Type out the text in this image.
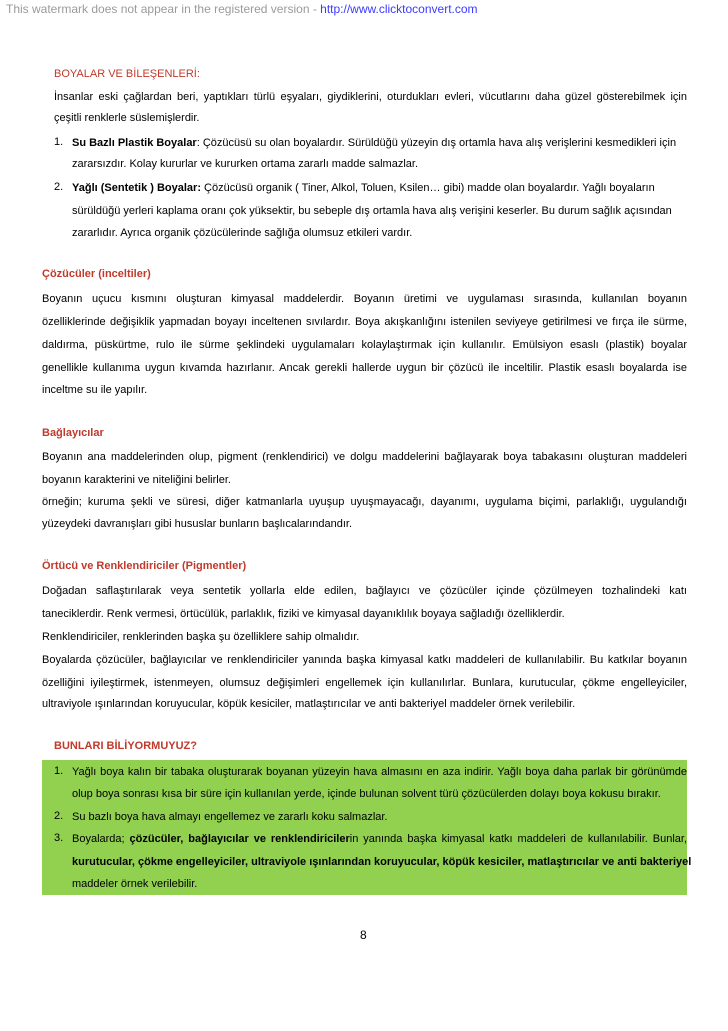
This watermark does not appear in the registered version - http://www.clicktoconvert.com
BOYALAR VE BİLEŞENLERİ:
İnsanlar eski çağlardan beri, yaptıkları türlü eşyaları, giydiklerini, oturdukları evleri, vücutlarını daha güzel gösterebilmek için
çeşitli renklerle süslemişlerdir.
1. Su Bazlı Plastik Boyalar: Çözücüsü su olan boyalardır. Sürüldüğü yüzeyin dış ortamla hava alış verişlerini kesmedikleri için
zararsızdır. Kolay kururlar ve kururken ortama zararlı madde salmazlar.
2. Yağlı (Sentetik ) Boyalar: Çözücüsü organik ( Tiner, Alkol, Toluen, Ksilen… gibi) madde olan boyalardır. Yağlı boyaların
sürüldüğü yerleri kaplama oranı çok yüksektir, bu sebeple dış ortamla hava alış verişini keserler. Bu durum sağlık açısından
zararlıdır. Ayrıca organik çözücülerinde sağlığa olumsuz etkileri vardır.
Çözücüler (inceltiler)
Boyanın uçucu kısmını oluşturan kimyasal maddelerdir. Boyanın üretimi ve uygulaması sırasında, kullanılan boyanın
özelliklerinde değişiklik yapmadan boyayı inceltenen sıvılardır. Boya akışkanlığını istenilen seviyeye getirilmesi ve fırça ile sürme,
daldırma, püskürtme, rulo ile sürme şeklindeki uygulamaları kolaylaştırmak için kullanılır. Emülsiyon esaslı (plastik) boyalar
genellikle kullanıma uygun kıvamda hazırlanır. Ancak gerekli hallerde uygun bir çözücü ile inceltilir. Plastik esaslı boyalarda ise
inceltme su ile yapılır.
Bağlayıcılar
Boyanın ana maddelerinden olup, pigment (renklendirici) ve dolgu maddelerini bağlayarak boya tabakasını oluşturan maddeleri
boyanın karakterini ve niteliğini belirler.
örneğin; kuruma şekli ve süresi, diğer katmanlarla uyuşup uyuşmayacağı, dayanımı, uygulama biçimi, parlaklığı, uygulandığı
yüzeydeki davranışları gibi hususlar bunların başlıcalarındandır.
Örtücü ve Renklendiriciler (Pigmentler)
Doğadan saflaştırılarak veya sentetik yollarla elde edilen, bağlayıcı ve çözücüler içinde çözülmeyen tozhalindeki katı
taneciklerdir. Renk vermesi, örtücülük, parlaklık, fiziki ve kimyasal dayanıklılık boyaya sağladığı özelliklerdir.
Renklendiriciler, renklerinden başka şu özelliklere sahip olmalıdır.
Boyalarda çözücüler, bağlayıcılar ve renklendiriciler yanında başka kimyasal katkı maddeleri de kullanılabilir. Bu katkılar boyanın
özelliğini iyileştirmek, istenmeyen, olumsuz değişimleri engellemek için kullanılırlar. Bunlara, kurutucular, çökme engelleyiciler,
ultraviyole ışınlarından koruyucular, köpük kesiciler, matlaştırıcılar ve anti bakteriyel maddeler örnek verilebilir.
BUNLARI BİLİYORMUYUZ?
1. Yağlı boya kalın bir tabaka oluşturarak boyanan yüzeyin hava almasını en aza indirir. Yağlı boya daha parlak bir görünümde
olup boya sonrası kısa bir süre için kullanılan yerde, içinde bulunan solvent türü çözücülerden dolayı boya kokusu bırakır.
2. Su bazlı boya hava almayı engellemez ve zararlı koku salmazlar.
3. Boyalarda; çözücüler, bağlayıcılar ve renklendiricilerin yanında başka kimyasal katkı maddeleri de kullanılabilir. Bunlar,
kurutucular, çökme engelleyiciler, ultraviyole ışınlarından koruyucular, köpük kesiciler, matlaştırıcılar ve anti bakteriyel
maddeler örnek verilebilir.
8
